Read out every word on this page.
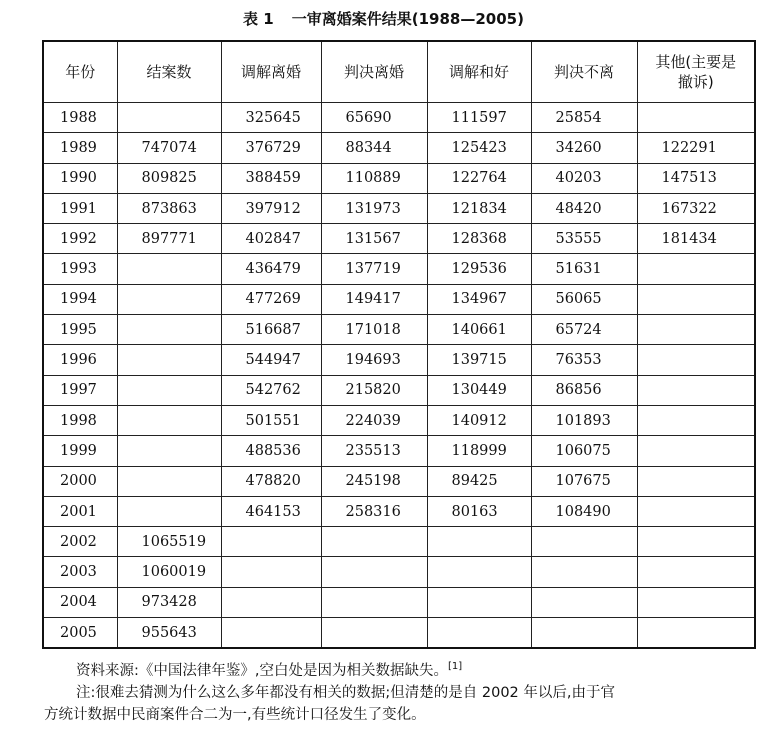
表 1 一审离婚案件结果(1988—2005)
年份	结案数	调解离婚	判决离婚	调解和好	判决不离	其他(主要是撤诉)
1988		325645	65690	111597	25854	
1989	747074	376729	88344	125423	34260	122291
1990	809825	388459	110889	122764	40203	147513
1991	873863	397912	131973	121834	48420	167322
1992	897771	402847	131567	128368	53555	181434
1993		436479	137719	129536	51631	
1994		477269	149417	134967	56065	
1995		516687	171018	140661	65724	
1996		544947	194693	139715	76353	
1997		542762	215820	130449	86856	
1998		501551	224039	140912	101893	
1999		488536	235513	118999	106075	
2000		478820	245198	89425	107675	
2001		464153	258316	80163	108490	
2002	1065519					
2003	1060019					
2004	973428					
2005	955643					

资料来源:《中国法律年鉴》,空白处是因为相关数据缺失。[1]

注:很难去猜测为什么这么多年都没有相关的数据;但清楚的是自 2002 年以后,由于官

方统计数据中民商案件合二为一,有些统计口径发生了变化。
